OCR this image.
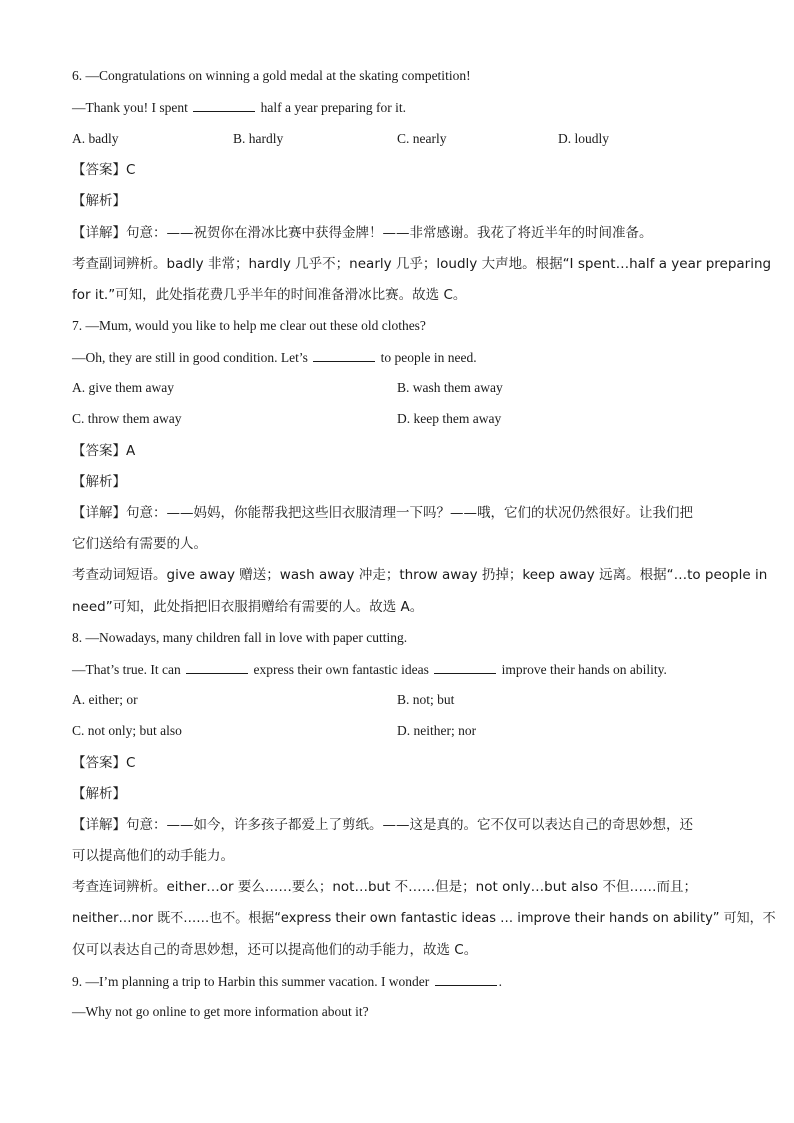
6. —Congratulations on winning a gold medal at the skating competition!
—Thank you! I spent	half a year preparing for it.
A. badly	B. hardly	C. nearly	D. loudly
【答案】C
【解析】
【详解】句意：——祝贺你在滑冰比赛中获得金牌！——非常感谢。我花了将近半年的时间准备。
考查副词辨析。badly 非常；hardly 几乎不；nearly 几乎；loudly 大声地。根据“I spent…half a year preparing
for it.”可知，此处指花费几乎半年的时间准备滑冰比赛。故选 C。
7. —Mum, would you like to help me clear out these old clothes?
—Oh, they are still in good condition. Let’s	to people in need.
A. give them away	B. wash them away
C. throw them away	D. keep them away
【答案】A
【解析】
【详解】句意：——妈妈，你能帮我把这些旧衣服清理一下吗？——哦，它们的状况仍然很好。让我们把
它们送给有需要的人。
考查动词短语。give away 赠送；wash away 冲走；throw away 扔掉；keep away 远离。根据“…to people in
need”可知，此处指把旧衣服捐赠给有需要的人。故选 A。
8. —Nowadays, many children fall in love with paper cutting.
—That’s true. It can	express their own fantastic ideas	improve their hands on ability.
A. either; or	B. not; but
C. not only; but also	D. neither; nor
【答案】C
【解析】
【详解】句意：——如今，许多孩子都爱上了剪纸。——这是真的。它不仅可以表达自己的奇思妙想，还
可以提高他们的动手能力。
考查连词辨析。either…or 要么……要么；not…but 不……但是；not only…but also 不但……而且；
neither…nor 既不……也不。根据“express their own fantastic ideas … improve their hands on ability” 可知，不
仅可以表达自己的奇思妙想，还可以提高他们的动手能力，故选 C。
9. —I’m planning a trip to Harbin this summer vacation. I wonder	.
—Why not go online to get more information about it?
